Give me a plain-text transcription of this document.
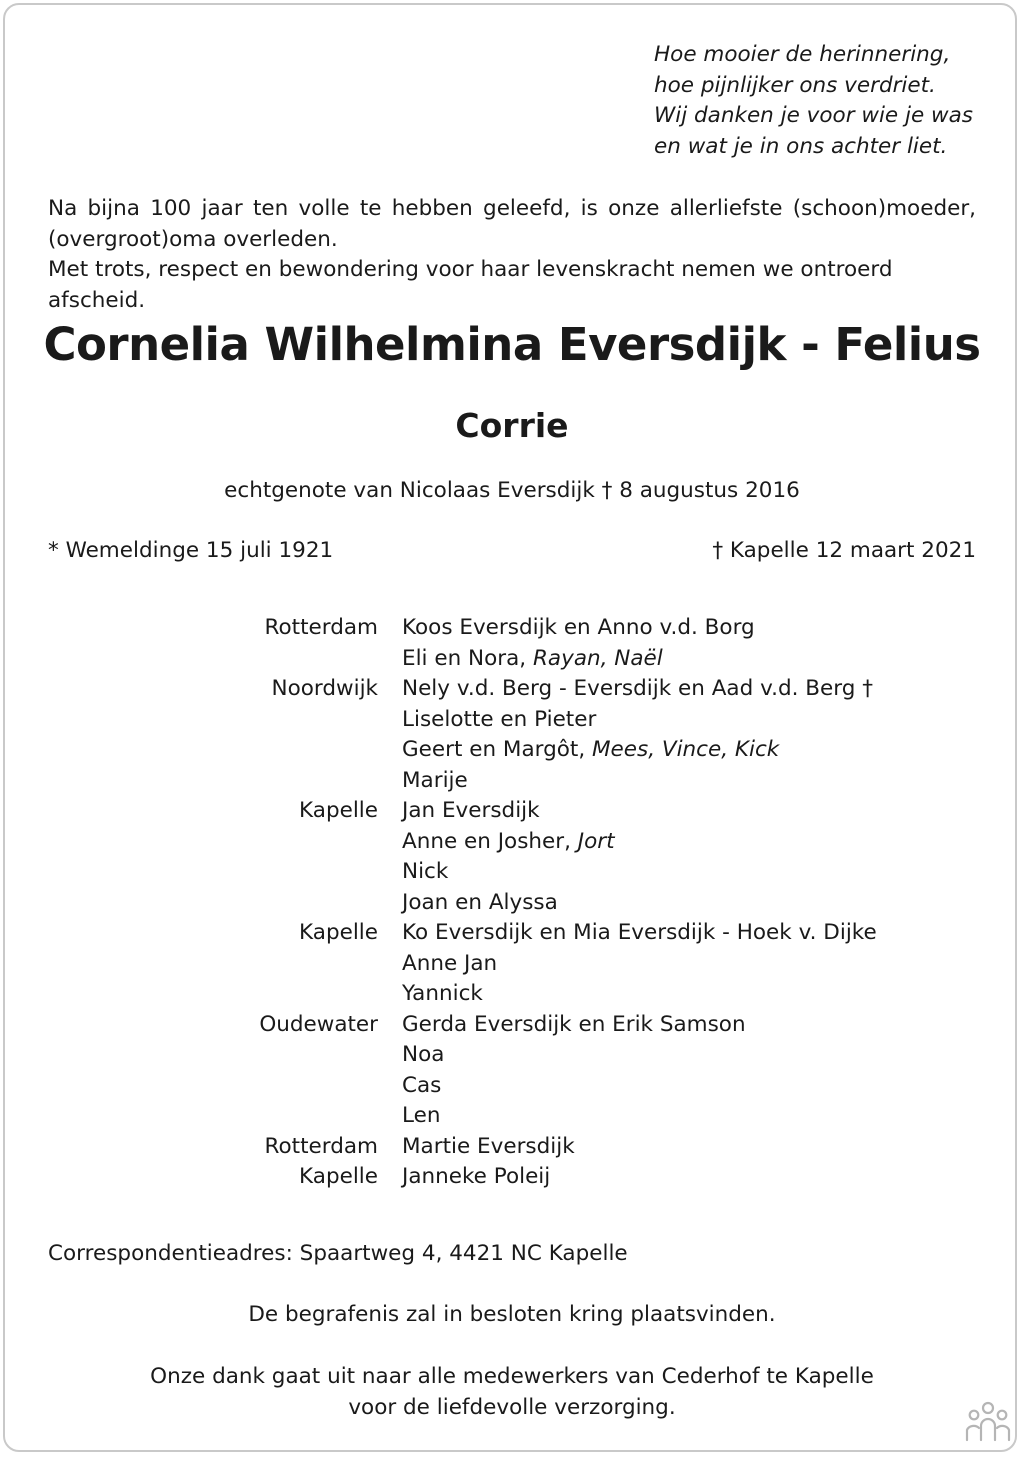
Hoe mooier de herinnering,
hoe pijnlijker ons verdriet.
Wij danken je voor wie je was
en wat je in ons achter liet.
Na bijna 100 jaar ten volle te hebben geleefd, is onze allerliefste (schoon)moeder,
(overgroot)oma overleden.
Met trots, respect en bewondering voor haar levenskracht nemen we ontroerd afscheid.
Cornelia Wilhelmina Eversdijk - Felius
Corrie
echtgenote van Nicolaas Eversdijk † 8 augustus 2016
* Wemeldinge 15 juli 1921	† Kapelle 12 maart 2021
Rotterdam Koos Eversdijk en Anno v.d. Borg
Eli en Nora, Rayan, Naël
Noordwijk Nely v.d. Berg - Eversdijk en Aad v.d. Berg †
Liselotte en Pieter
Geert en Margôt, Mees, Vince, Kick
Marije
Kapelle Jan Eversdijk
Anne en Josher, Jort
Nick
Joan en Alyssa
Kapelle Ko Eversdijk en Mia Eversdijk - Hoek v. Dijke
Anne Jan
Yannick
Oudewater Gerda Eversdijk en Erik Samson
Noa
Cas
Len
Rotterdam Martie Eversdijk
Kapelle Janneke Poleij
Correspondentieadres: Spaartweg 4, 4421 NC Kapelle
De begrafenis zal in besloten kring plaatsvinden.
Onze dank gaat uit naar alle medewerkers van Cederhof te Kapelle
voor de liefdevolle verzorging.
